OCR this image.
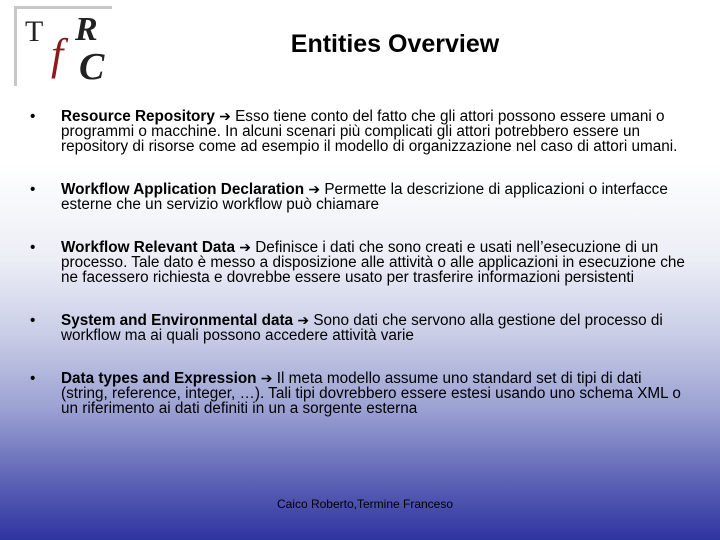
T f
R
C
Entities Overview
• Resource Repository ➔ Esso tiene conto del fatto che gli attori possono essere umani o programmi o macchine. In alcuni scenari più complicati gli attori potrebbero essere un repository di risorse come ad esempio il modello di organizzazione nel caso di attori umani.
• Workflow Application Declaration ➔ Permette la descrizione di applicazioni o interfacce esterne che un servizio workflow può chiamare
• Workflow Relevant Data ➔ Definisce i dati che sono creati e usati nell’esecuzione di un processo. Tale dato è messo a disposizione alle attività o alle applicazioni in esecuzione che ne facessero richiesta e dovrebbe essere usato per trasferire informazioni persistenti
• System and Environmental data ➔ Sono dati che servono alla gestione del processo di workflow ma ai quali possono accedere attività varie
• Data types and Expression ➔ Il meta modello assume uno standard set di tipi di dati (string, reference, integer, …). Tali tipi dovrebbero essere estesi usando uno schema XML o un riferimento ai dati definiti in un a sorgente esterna
Caico Roberto,Termine Franceso
